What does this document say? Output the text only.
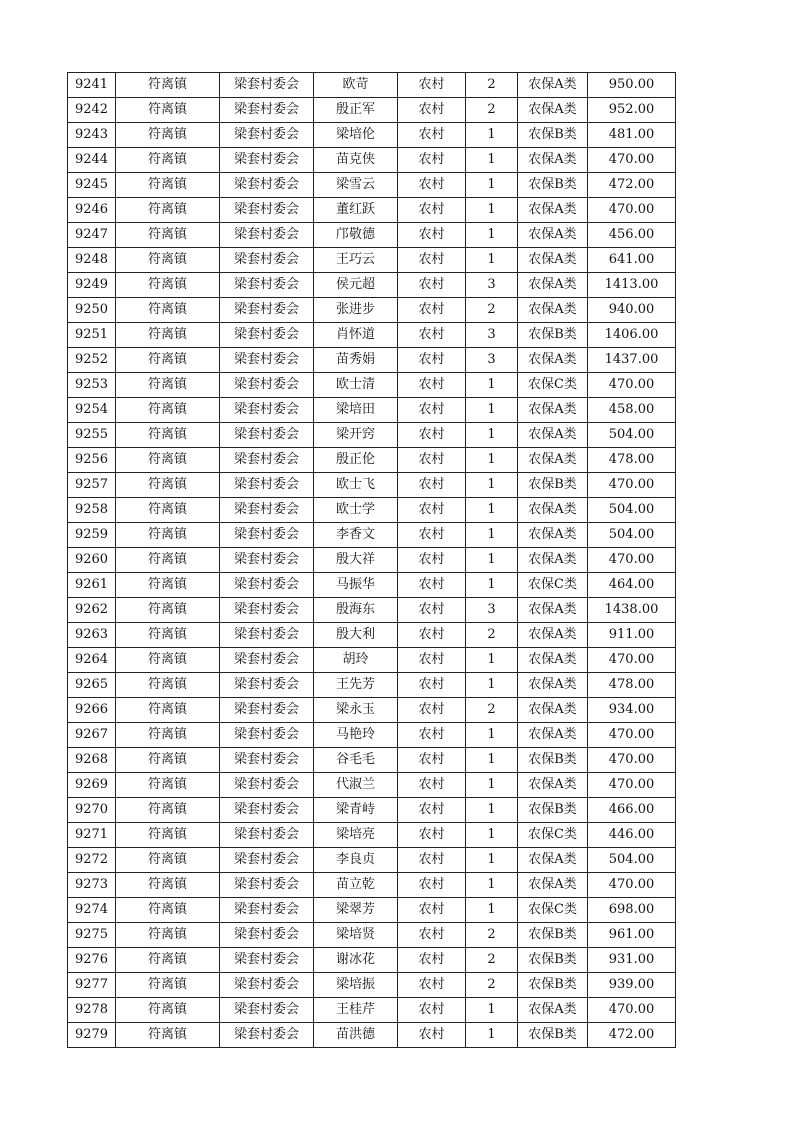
9241	符离镇	梁套村委会	欧苛	农村	2	农保A类	950.00
9242	符离镇	梁套村委会	殷正军	农村	2	农保A类	952.00
9243	符离镇	梁套村委会	梁培伦	农村	1	农保B类	481.00
9244	符离镇	梁套村委会	苗克侠	农村	1	农保A类	470.00
9245	符离镇	梁套村委会	梁雪云	农村	1	农保B类	472.00
9246	符离镇	梁套村委会	董红跃	农村	1	农保A类	470.00
9247	符离镇	梁套村委会	邝敬德	农村	1	农保A类	456.00
9248	符离镇	梁套村委会	王巧云	农村	1	农保A类	641.00
9249	符离镇	梁套村委会	侯元超	农村	3	农保A类	1413.00
9250	符离镇	梁套村委会	张进步	农村	2	农保A类	940.00
9251	符离镇	梁套村委会	肖怀道	农村	3	农保B类	1406.00
9252	符离镇	梁套村委会	苗秀娟	农村	3	农保A类	1437.00
9253	符离镇	梁套村委会	欧士清	农村	1	农保C类	470.00
9254	符离镇	梁套村委会	梁培田	农村	1	农保A类	458.00
9255	符离镇	梁套村委会	梁开窍	农村	1	农保A类	504.00
9256	符离镇	梁套村委会	殷正伦	农村	1	农保A类	478.00
9257	符离镇	梁套村委会	欧士飞	农村	1	农保B类	470.00
9258	符离镇	梁套村委会	欧士学	农村	1	农保A类	504.00
9259	符离镇	梁套村委会	李香文	农村	1	农保A类	504.00
9260	符离镇	梁套村委会	殷大祥	农村	1	农保A类	470.00
9261	符离镇	梁套村委会	马振华	农村	1	农保C类	464.00
9262	符离镇	梁套村委会	殷海东	农村	3	农保A类	1438.00
9263	符离镇	梁套村委会	殷大利	农村	2	农保A类	911.00
9264	符离镇	梁套村委会	胡玲	农村	1	农保A类	470.00
9265	符离镇	梁套村委会	王先芳	农村	1	农保A类	478.00
9266	符离镇	梁套村委会	梁永玉	农村	2	农保A类	934.00
9267	符离镇	梁套村委会	马艳玲	农村	1	农保A类	470.00
9268	符离镇	梁套村委会	谷毛毛	农村	1	农保B类	470.00
9269	符离镇	梁套村委会	代淑兰	农村	1	农保A类	470.00
9270	符离镇	梁套村委会	梁青峙	农村	1	农保B类	466.00
9271	符离镇	梁套村委会	梁培亮	农村	1	农保C类	446.00
9272	符离镇	梁套村委会	李良贞	农村	1	农保A类	504.00
9273	符离镇	梁套村委会	苗立乾	农村	1	农保A类	470.00
9274	符离镇	梁套村委会	梁翠芳	农村	1	农保C类	698.00
9275	符离镇	梁套村委会	梁培贤	农村	2	农保B类	961.00
9276	符离镇	梁套村委会	谢冰花	农村	2	农保B类	931.00
9277	符离镇	梁套村委会	梁培振	农村	2	农保B类	939.00
9278	符离镇	梁套村委会	王桂芹	农村	1	农保A类	470.00
9279	符离镇	梁套村委会	苗洪德	农村	1	农保B类	472.00
